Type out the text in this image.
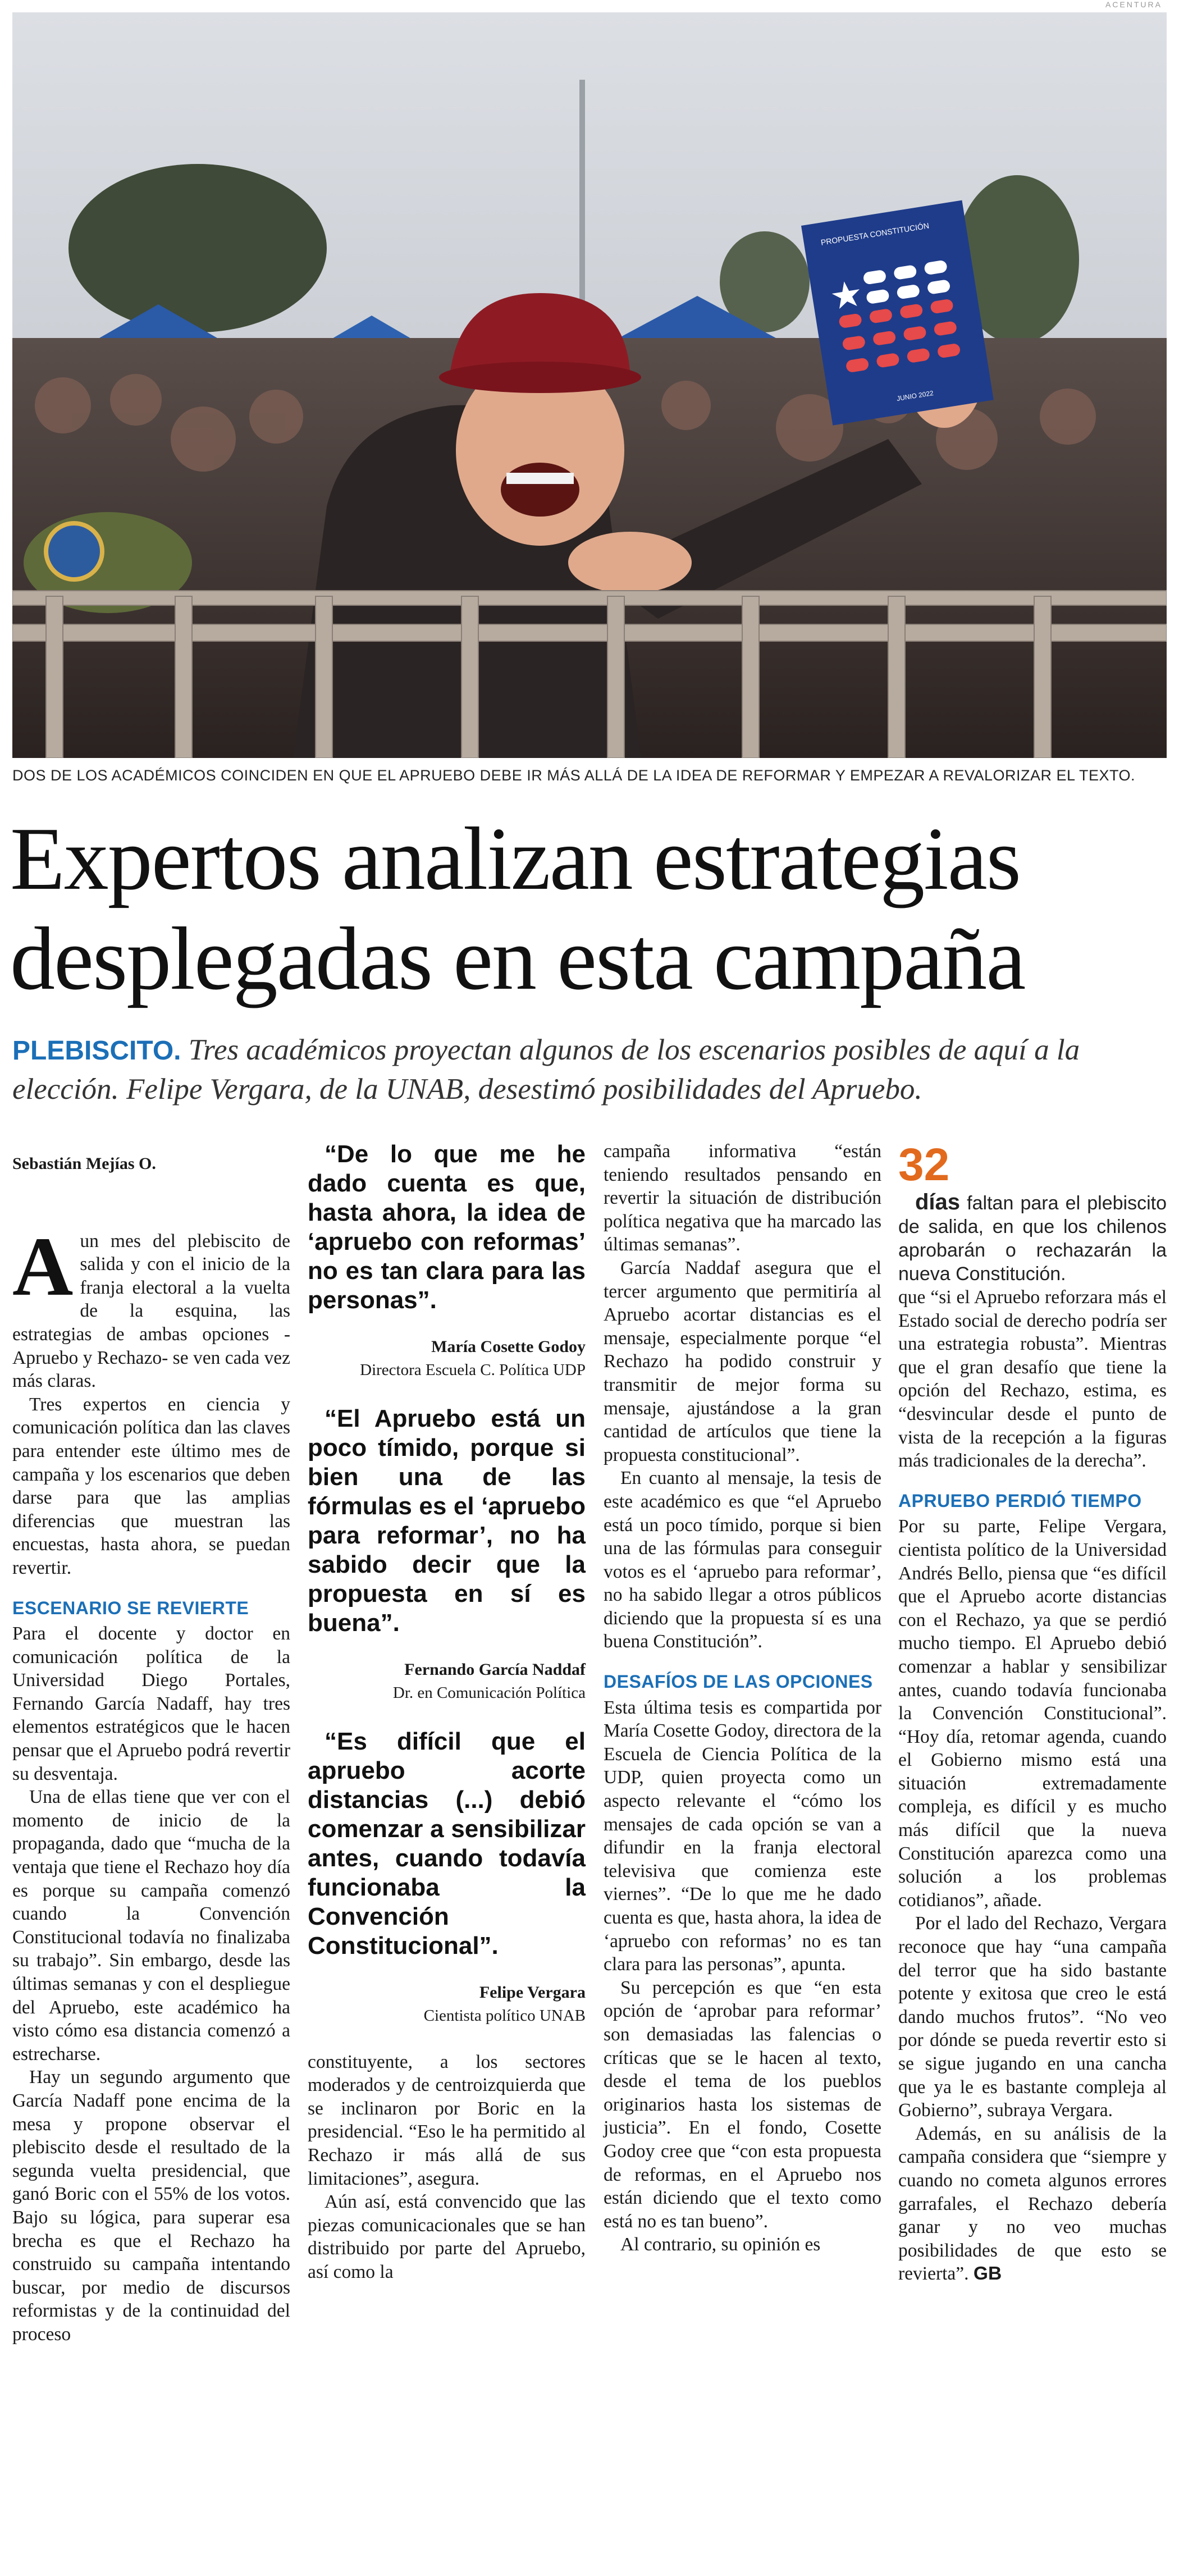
ACENTURA
PROPUESTA CONSTITUCIÓN
JUNIO 2022
DOS DE LOS ACADÉMICOS COINCIDEN EN QUE EL APRUEBO DEBE IR MÁS ALLÁ DE LA IDEA DE REFORMAR Y EMPEZAR A REVALORIZAR EL TEXTO.
Expertos analizan estrategias
desplegadas en esta campaña
PLEBISCITO. Tres académicos proyectan algunos de los escenarios posibles de aquí a la elección. Felipe Vergara, de la UNAB, desestimó posibilidades del Apruebo.
Sebastián Mejías O.

A un mes del plebiscito de salida y con el inicio de la franja electoral a la vuelta de la esquina, las estrategias de ambas opciones -Apruebo y Rechazo- se ven cada vez más claras.

Tres expertos en ciencia y comunicación política dan las claves para entender este último mes de campaña y los escenarios que deben darse para que las amplias diferencias que muestran las encuestas, hasta ahora, se puedan revertir.

ESCENARIO SE REVIERTE

Para el docente y doctor en comunicación política de la Universidad Diego Portales, Fernando García Nadaff, hay tres elementos estratégicos que le hacen pensar que el Apruebo podrá revertir su desventaja.

Una de ellas tiene que ver con el momento de inicio de la propaganda, dado que “mucha de la ventaja que tiene el Rechazo hoy día es porque su campaña comenzó cuando la Convención Constitucional todavía no finalizaba su trabajo”. Sin embargo, desde las últimas semanas y con el despliegue del Apruebo, este académico ha visto cómo esa distancia comenzó a estrecharse.

Hay un segundo argumento que García Nadaff pone encima de la mesa y propone observar el plebiscito desde el resultado de la segunda vuelta presidencial, que ganó Boric con el 55% de los votos. Bajo su lógica, para superar esa brecha es que el Rechazo ha construido su campaña intentando buscar, por medio de discursos reformistas y de la continuidad del proceso

“De lo que me he dado cuenta es que, hasta ahora, la idea de ‘apruebo con reformas’ no es tan clara para las personas”.

María Cosette Godoy
Directora Escuela C. Política UDP

“El Apruebo está un poco tímido, porque si bien una de las fórmulas es el ‘apruebo para reformar’, no ha sabido decir que la propuesta en sí es buena”.

Fernando García Naddaf
Dr. en Comunicación Política

“Es difícil que el apruebo acorte distancias (...) debió comenzar a sensibilizar antes, cuando todavía funcionaba la Convención Constitucional”.

Felipe Vergara
Cientista político UNAB

constituyente, a los sectores moderados y de centroizquierda que se inclinaron por Boric en la presidencial. “Eso le ha permitido al Rechazo ir más allá de sus limitaciones”, asegura.

Aún así, está convencido que las piezas comunicacionales que se han distribuido por parte del Apruebo, así como la

campaña informativa “están teniendo resultados pensando en revertir la situación de distribución política negativa que ha marcado las últimas semanas”.

García Naddaf asegura que el tercer argumento que permitiría al Apruebo acortar distancias es el mensaje, especialmente porque “el Rechazo ha podido construir y transmitir de mejor forma su mensaje, ajustándose a la gran cantidad de artículos que tiene la propuesta constitucional”.

En cuanto al mensaje, la tesis de este académico es que “el Apruebo está un poco tímido, porque si bien una de las fórmulas para conseguir votos es el ‘apruebo para reformar’, no ha sabido llegar a otros públicos diciendo que la propuesta sí es una buena Constitución”.

DESAFÍOS DE LAS OPCIONES

Esta última tesis es compartida por María Cosette Godoy, directora de la Escuela de Ciencia Política de la UDP, quien proyecta como un aspecto relevante el “cómo los mensajes de cada opción se van a difundir en la franja electoral televisiva que comienza este viernes”. “De lo que me he dado cuenta es que, hasta ahora, la idea de ‘apruebo con reformas’ no es tan clara para las personas”, apunta.

Su percepción es que “en esta opción de ‘aprobar para reformar’ son demasiadas las falencias o críticas que se le hacen al texto, desde el tema de los pueblos originarios hasta los sistemas de justicia”. En el fondo, Cosette Godoy cree que “con esta propuesta de reformas, en el Apruebo nos están diciendo que el texto como está no es tan bueno”.

Al contrario, su opinión es

32

días faltan para el plebiscito de salida, en que los chilenos aprobarán o rechazarán la nueva Constitución.

que “si el Apruebo reforzara más el Estado social de derecho podría ser una estrategia robusta”. Mientras que el gran desafío que tiene la opción del Rechazo, estima, es “desvincular desde el punto de vista de la recepción a la figuras más tradicionales de la derecha”.

APRUEBO PERDIÓ TIEMPO

Por su parte, Felipe Vergara, cientista político de la Universidad Andrés Bello, piensa que “es difícil que el Apruebo acorte distancias con el Rechazo, ya que se perdió mucho tiempo. El Apruebo debió comenzar a hablar y sensibilizar antes, cuando todavía funcionaba la Convención Constitucional”. “Hoy día, retomar agenda, cuando el Gobierno mismo está una situación extremadamente compleja, es difícil y es mucho más difícil que la nueva Constitución aparezca como una solución a los problemas cotidianos”, añade.

Por el lado del Rechazo, Vergara reconoce que hay “una campaña del terror que ha sido bastante potente y exitosa que creo le está dando muchos frutos”. “No veo por dónde se pueda revertir esto si se sigue jugando en una cancha que ya le es bastante compleja al Gobierno”, subraya Vergara.

Además, en su análisis de la campaña considera que “siempre y cuando no cometa algunos errores garrafales, el Rechazo debería ganar y no veo muchas posibilidades de que esto se revierta”. GB
